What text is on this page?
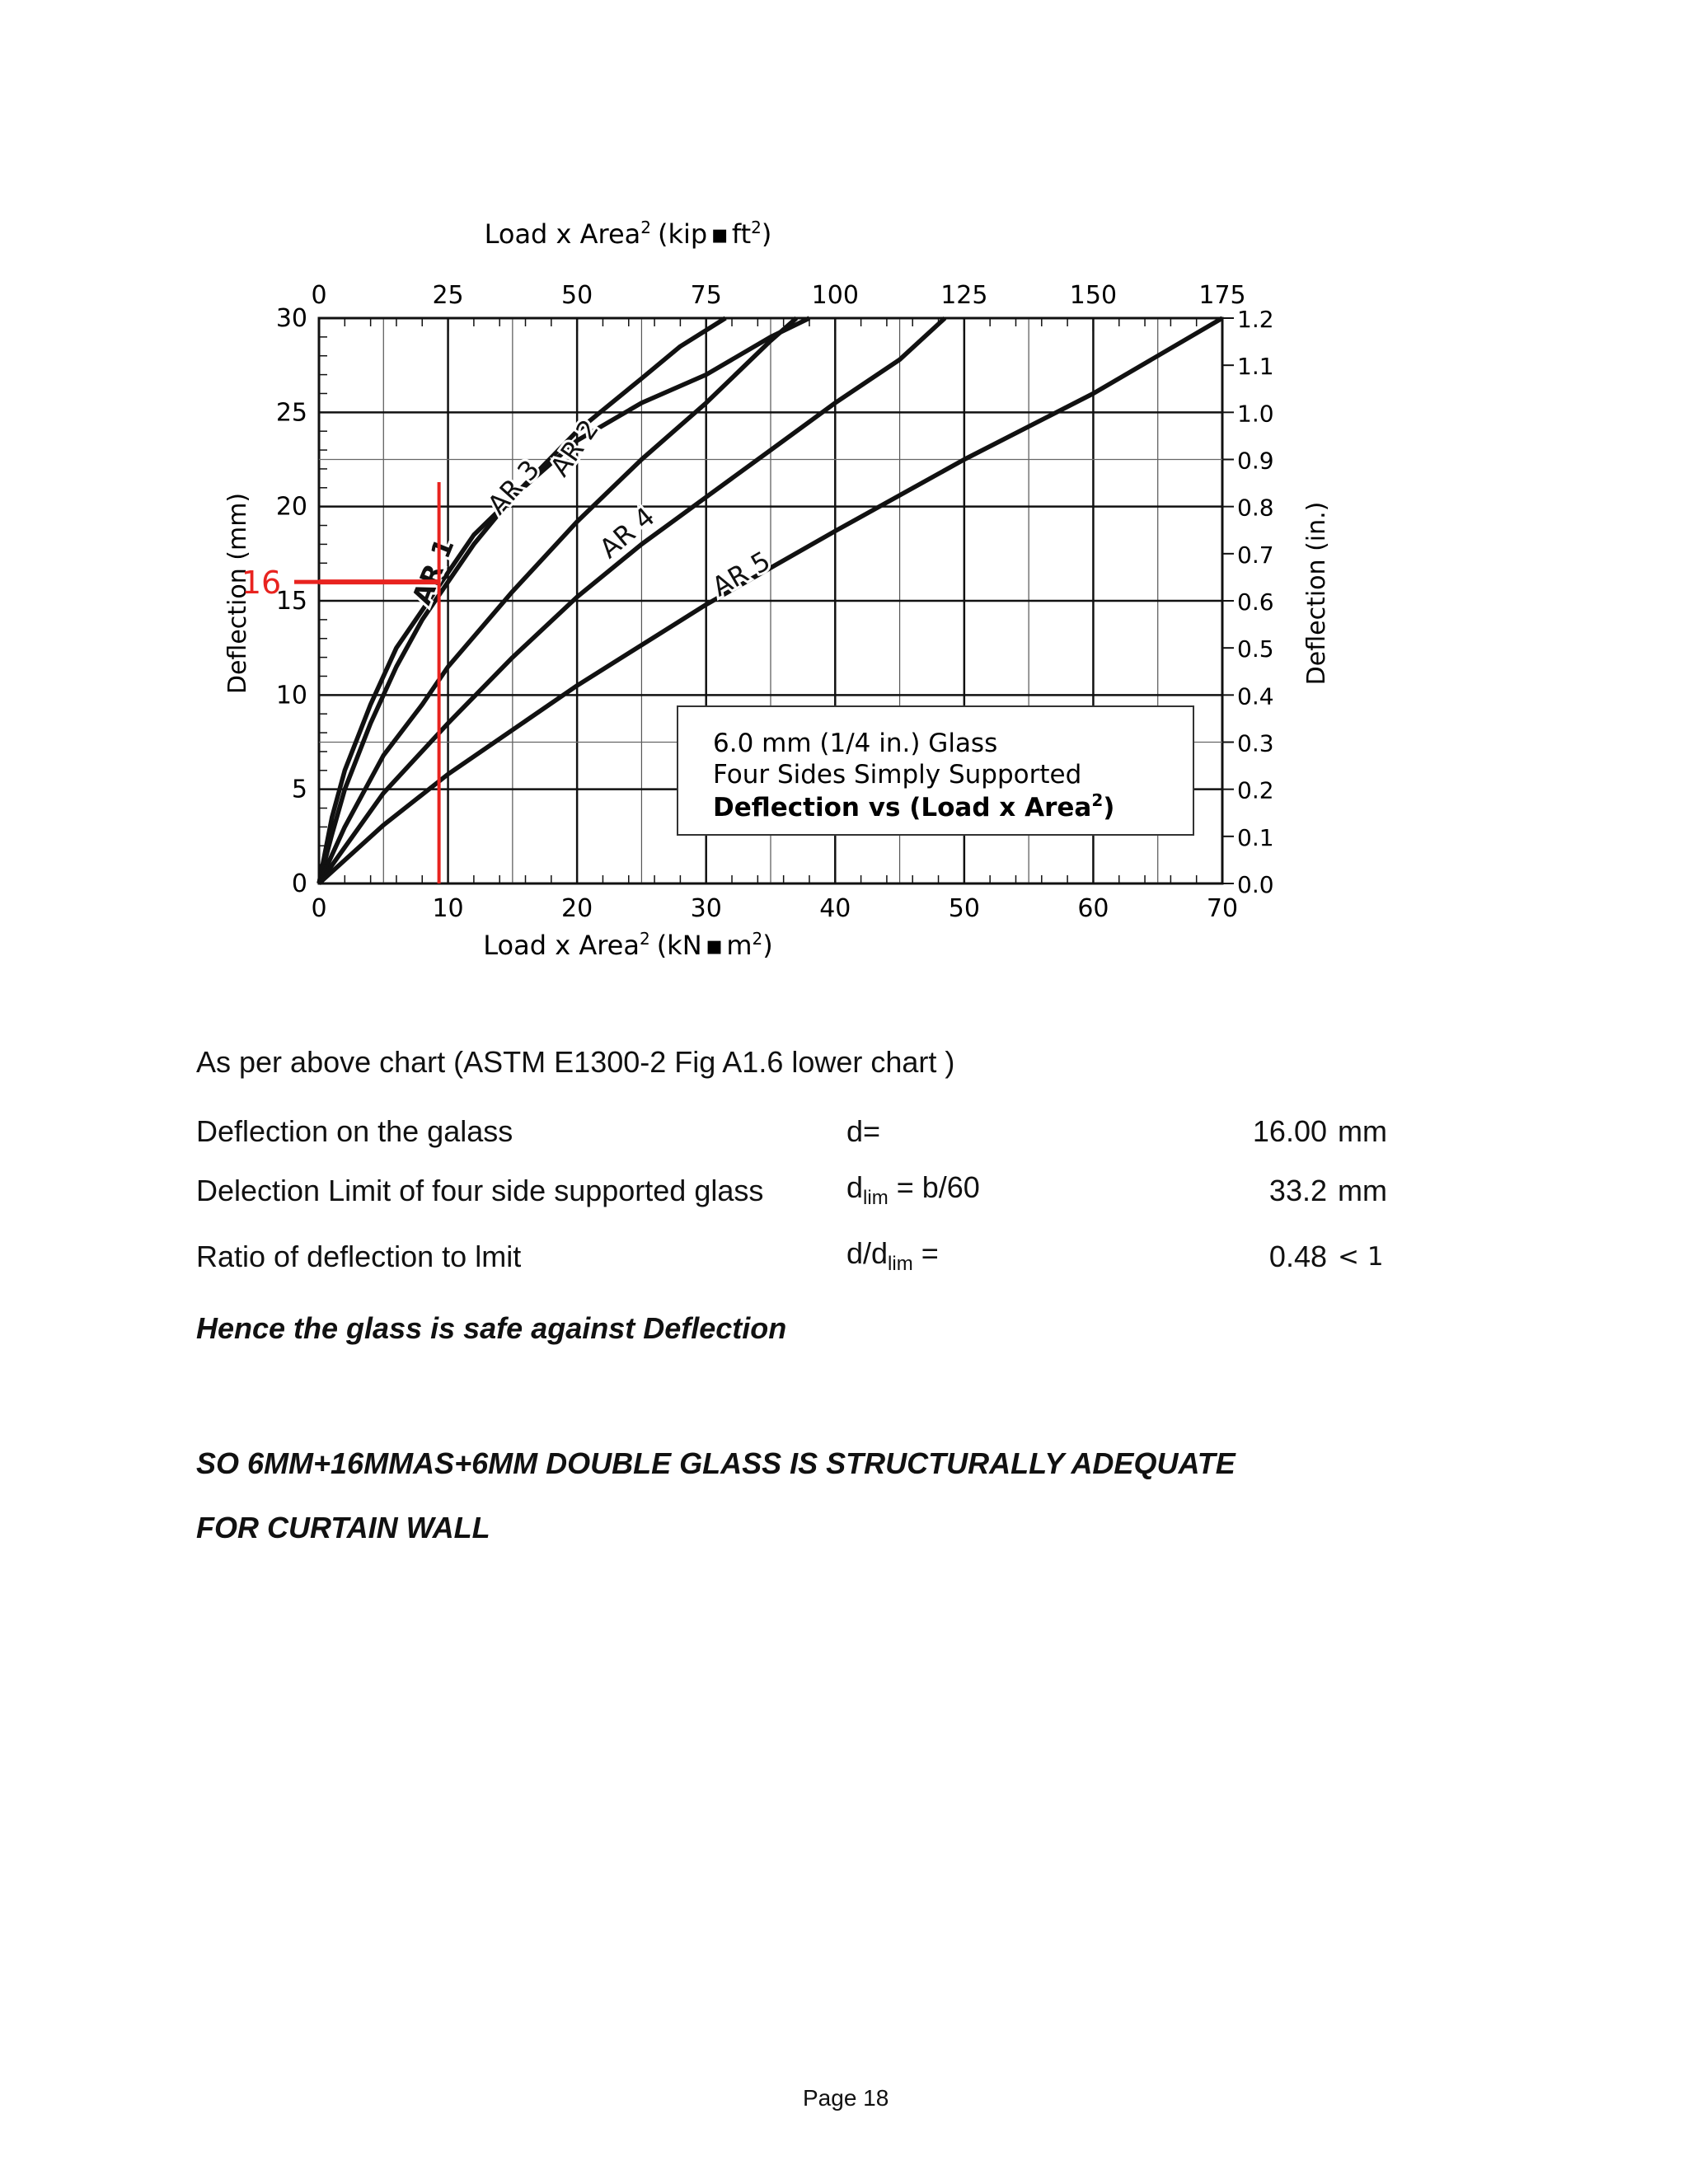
AR 1
AR 2
AR 3
AR 4
AR 5
0	10	20	30	40	50	60	70
0	25	50	75	100	125	150	175
0
5
10
15
20
25
30
0.0
0.1
0.2
0.3
0.4
0.5
0.6
0.7
0.8
0.9
1.0
1.1
1.2
Load x Area$^2$ (kip ▪ $ft^2$)
Load x Area$^2$ (kN ▪ $m^2$)
Deflection (mm)	Deflection (in.)
6.0 mm (1/4 in.) Glass
Four Sides Simply Supported
Deflection vs (Load x Area$^2$)
16
As per above chart (ASTM E1300-2 Fig A1.6 lower chart )
Deflection on the galass	d=	16.00 mm
Delection Limit of four side supported glass	$d_{lim} = b/60$	33.2 mm
Ratio of deflection to lmit	$d/d_{lim}$ =	0.48 < 1
Hence the glass is safe against Deflection
SO 6MM+16MMAS+6MM DOUBLE GLASS IS STRUCTURALLY ADEQUATE
FOR CURTAIN WALL
Page 18
